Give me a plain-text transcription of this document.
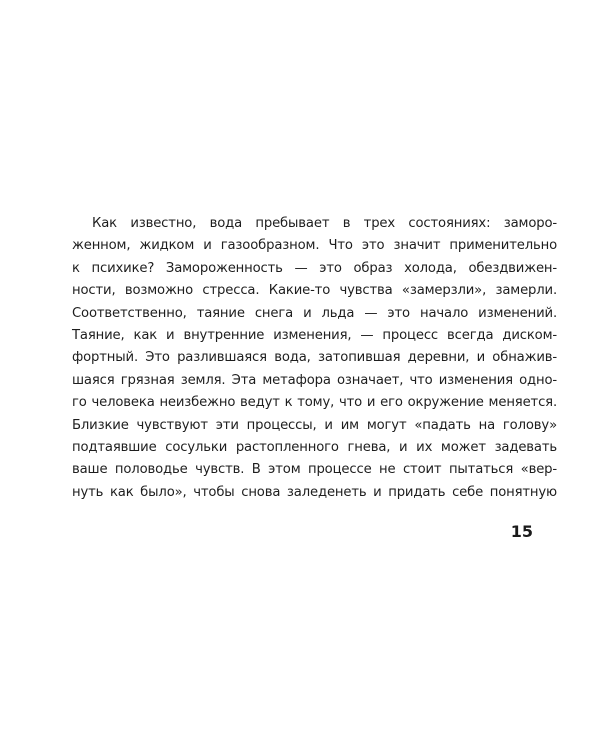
Как известно, вода пребывает в трех состояниях: заморо-
женном, жидком и газообразном. Что это значит применительно
к психике? Замороженность — это образ холода, обездвижен-
ности, возможно стресса. Какие-то чувства «замерзли», замерли.
Соответственно, таяние снега и льда — это начало изменений.
Таяние, как и внутренние изменения, — процесс всегда диском-
фортный. Это разлившаяся вода, затопившая деревни, и обнажив-
шаяся грязная земля. Эта метафора означает, что изменения одно-
го человека неизбежно ведут к тому, что и его окружение меняется.
Близкие чувствуют эти процессы, и им могут «падать на голову»
подтаявшие сосульки растопленного гнева, и их может задевать
ваше половодье чувств. В этом процессе не стоит пытаться «вер-
нуть как было», чтобы снова заледенеть и придать себе понятную
15
